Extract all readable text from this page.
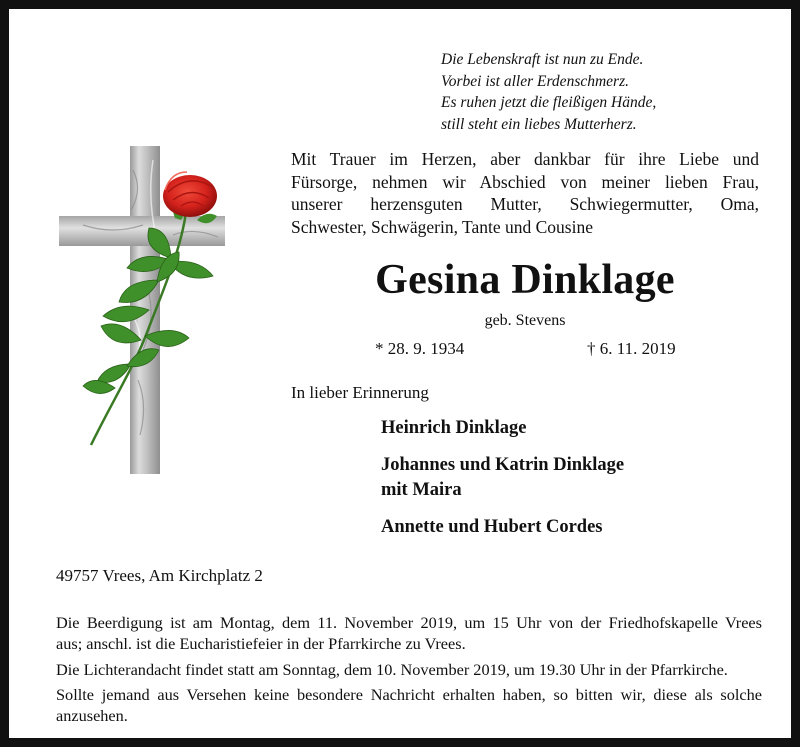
Die Lebenskraft ist nun zu Ende.
Vorbei ist aller Erdenschmerz.
Es ruhen jetzt die fleißigen Hände,
still steht ein liebes Mutterherz.
Mit Trauer im Herzen, aber dankbar für ihre Liebe und
Fürsorge, nehmen wir Abschied von meiner lieben Frau,
unserer herzensguten Mutter, Schwiegermutter, Oma,
Schwester, Schwägerin, Tante und Cousine
Gesina Dinklage
geb. Stevens
* 28. 9. 1934	† 6. 11. 2019
In lieber Erinnerung
Heinrich Dinklage
Johannes und Katrin Dinklage
mit Maira
Annette und Hubert Cordes
49757 Vrees, Am Kirchplatz 2
Die Beerdigung ist am Montag, dem 11. November 2019, um 15 Uhr von der Friedhofskapelle Vrees
aus; anschl. ist die Eucharistiefeier in der Pfarrkirche zu Vrees.
Die Lichterandacht findet statt am Sonntag, dem 10. November 2019, um 19.30 Uhr in der Pfarrkirche.
Sollte jemand aus Versehen keine besondere Nachricht erhalten haben, so bitten wir, diese als solche
anzusehen.
